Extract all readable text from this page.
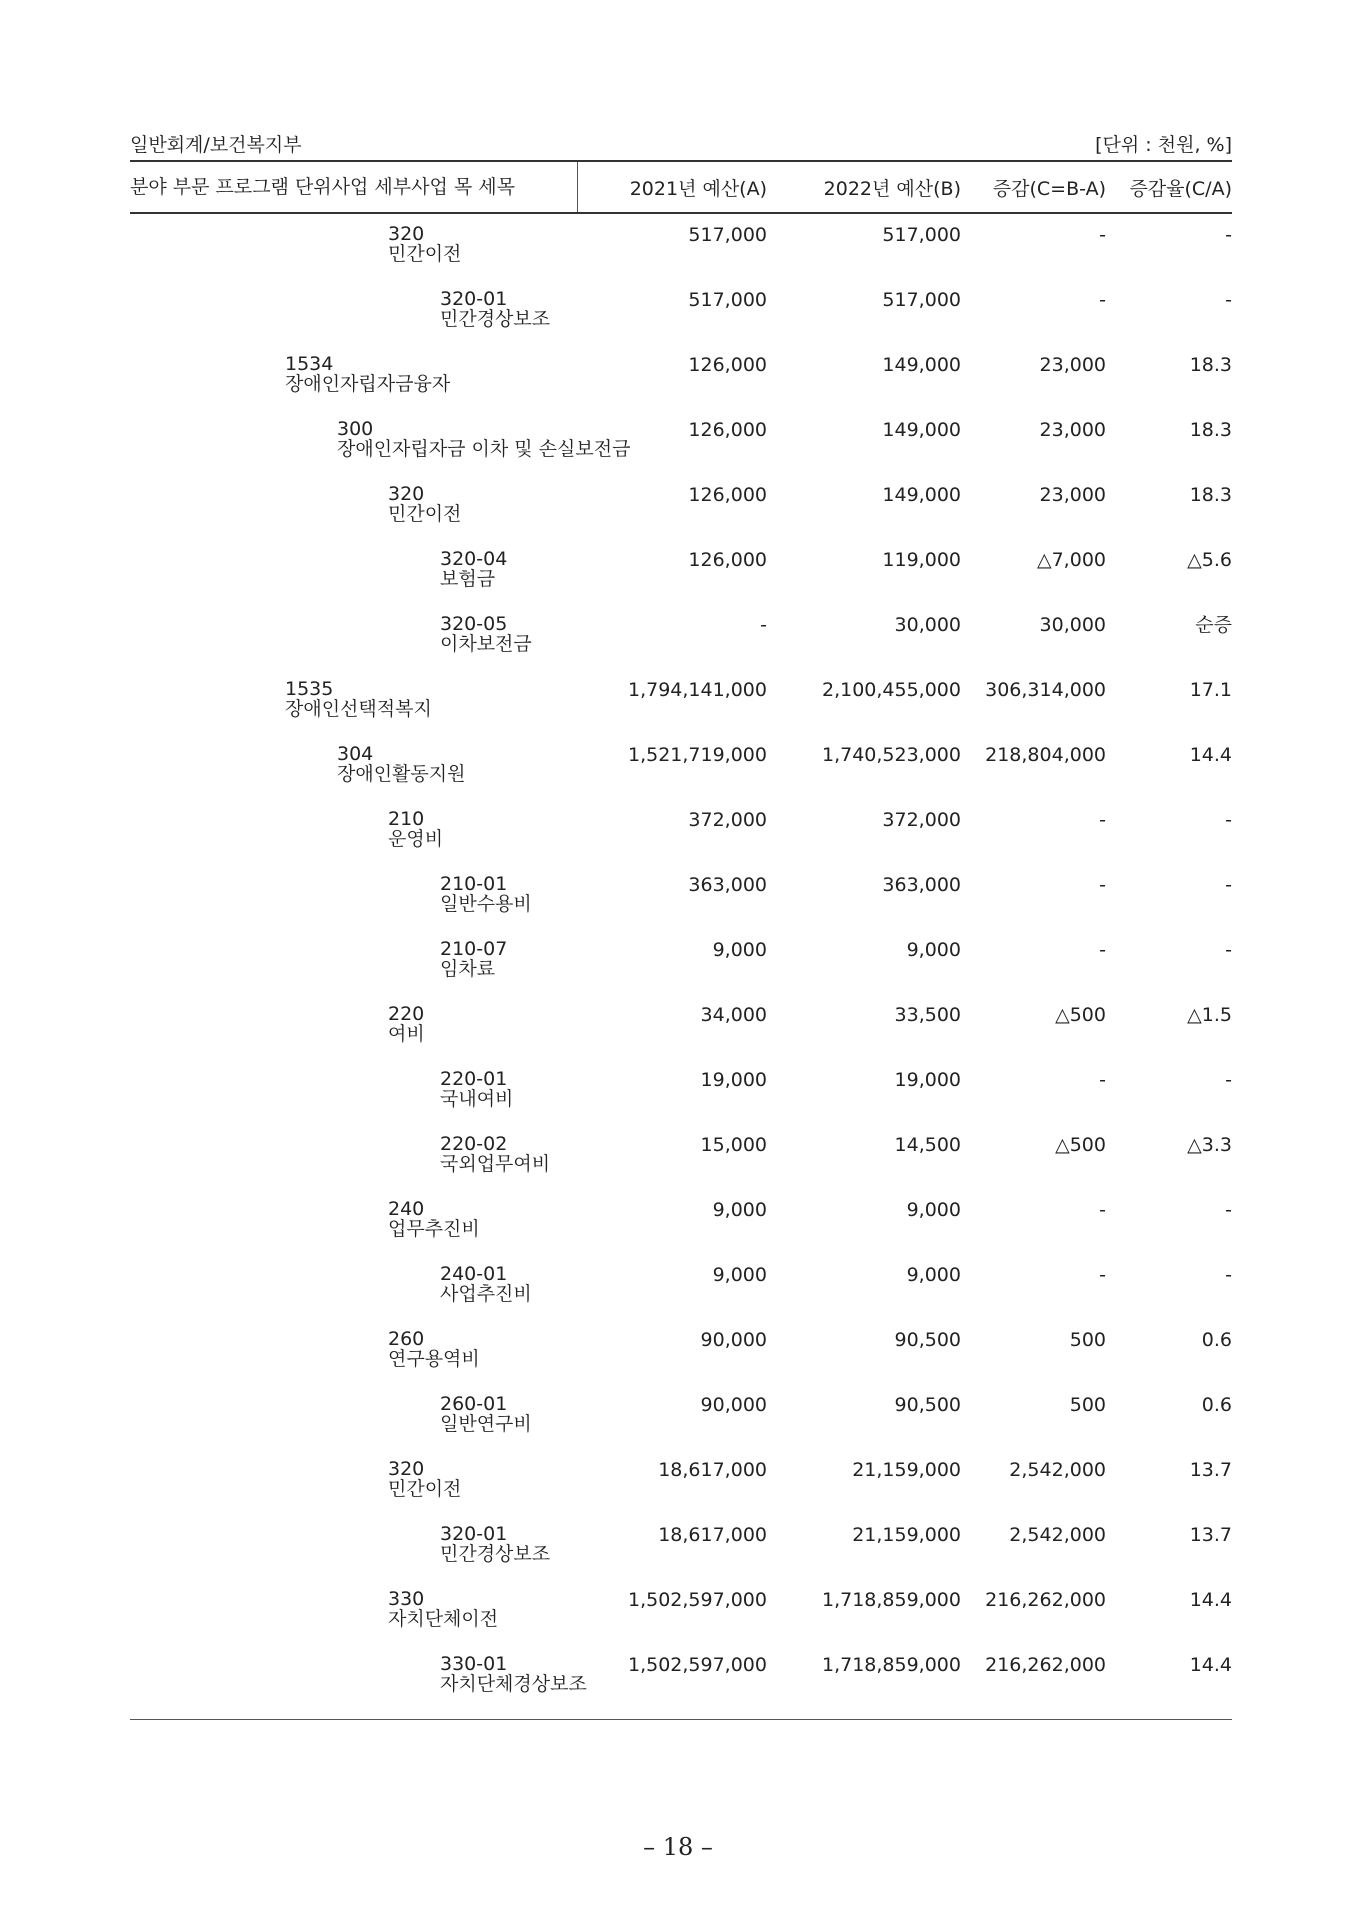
일반회계/보건복지부	[단위 : 천원, %]
분야 부문 프로그램 단위사업 세부사업 목 세목	2021년 예산(A)	2022년 예산(B)	증감(C=B-A)	증감율(C/A)
320
민간이전
517,000	517,000	-	-
320-01
민간경상보조
517,000	517,000	-	-
1534
장애인자립자금융자
126,000	149,000	23,000	18.3
300
장애인자립자금 이차 및 손실보전금
126,000	149,000	23,000	18.3
320
민간이전
126,000	149,000	23,000	18.3
320-04
보험금
126,000	119,000	△7,000	△5.6
320-05
이차보전금
-	30,000	30,000	순증
1535
장애인선택적복지
1,794,141,000	2,100,455,000	306,314,000	17.1
304
장애인활동지원
1,521,719,000	1,740,523,000	218,804,000	14.4
210
운영비
372,000	372,000	-	-
210-01
일반수용비
363,000	363,000	-	-
210-07
임차료
9,000	9,000	-	-
220
여비
34,000	33,500	△500	△1.5
220-01
국내여비
19,000	19,000	-	-
220-02
국외업무여비
15,000	14,500	△500	△3.3
240
업무추진비
9,000	9,000	-	-
240-01
사업추진비
9,000	9,000	-	-
260
연구용역비
90,000	90,500	500	0.6
260-01
일반연구비
90,000	90,500	500	0.6
320
민간이전
18,617,000	21,159,000	2,542,000	13.7
320-01
민간경상보조
18,617,000	21,159,000	2,542,000	13.7
330
자치단체이전
1,502,597,000	1,718,859,000	216,262,000	14.4
330-01
자치단체경상보조
1,502,597,000	1,718,859,000	216,262,000	14.4
– 18 –
